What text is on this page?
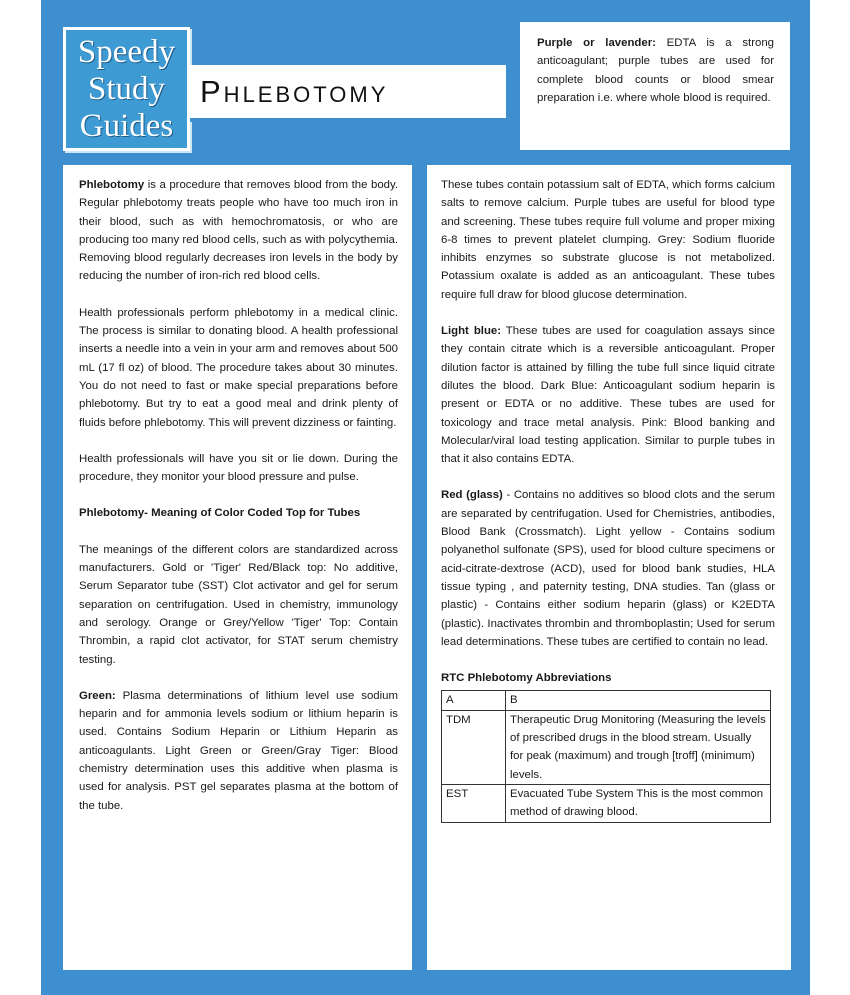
Speedy
Study
Guides
Phlebotomy

Purple or lavender: EDTA is a strong anticoagulant; purple tubes are used for complete blood counts or blood smear preparation i.e. where whole blood is required.

Phlebotomy is a procedure that removes blood from the body. Regular phlebotomy treats people who have too much iron in their blood, such as with hemochromatosis, or who are producing too many red blood cells, such as with polycythemia. Removing blood regularly decreases iron levels in the body by reducing the number of iron-rich red blood cells.

Health professionals perform phlebotomy in a medical clinic. The process is similar to donating blood. A health professional inserts a needle into a vein in your arm and removes about 500 mL (17 fl oz) of blood. The procedure takes about 30 minutes. You do not need to fast or make special preparations before phlebotomy. But try to eat a good meal and drink plenty of fluids before phlebotomy. This will prevent dizziness or fainting.

Health professionals will have you sit or lie down. During the procedure, they monitor your blood pressure and pulse.

Phlebotomy- Meaning of Color Coded Top for Tubes

The meanings of the different colors are standardized across manufacturers. Gold or 'Tiger' Red/Black top: No additive, Serum Separator tube (SST) Clot activator and gel for serum separation on centrifugation. Used in chemistry, immunology and serology. Orange or Grey/Yellow 'Tiger' Top: Contain Thrombin, a rapid clot activator, for STAT serum chemistry testing.

Green: Plasma determinations of lithium level use sodium heparin and for ammonia levels sodium or lithium heparin is used. Contains Sodium Heparin or Lithium Heparin as anticoagulants. Light Green or Green/Gray Tiger: Blood chemistry determination uses this additive when plasma is used for analysis. PST gel separates plasma at the bottom of the tube.

These tubes contain potassium salt of EDTA, which forms calcium salts to remove calcium. Purple tubes are useful for blood type and screening. These tubes require full volume and proper mixing 6-8 times to prevent platelet clumping. Grey: Sodium fluoride inhibits enzymes so substrate glucose is not metabolized. Potassium oxalate is added as an anticoagulant. These tubes require full draw for blood glucose determination.

Light blue: These tubes are used for coagulation assays since they contain citrate which is a reversible anticoagulant. Proper dilution factor is attained by filling the tube full since liquid citrate dilutes the blood. Dark Blue: Anticoagulant sodium heparin is present or EDTA or no additive. These tubes are used for toxicology and trace metal analysis. Pink: Blood banking and Molecular/viral load testing application. Similar to purple tubes in that it also contains EDTA.

Red (glass) - Contains no additives so blood clots and the serum are separated by centrifugation. Used for Chemistries, antibodies, Blood Bank (Crossmatch). Light yellow - Contains sodium polyanethol sulfonate (SPS), used for blood culture specimens or acid-citrate-dextrose (ACD), used for blood bank studies, HLA tissue typing , and paternity testing, DNA studies. Tan (glass or plastic) - Contains either sodium heparin (glass) or K2EDTA (plastic). Inactivates thrombin and thromboplastin; Used for serum lead determinations. These tubes are certified to contain no lead.

RTC Phlebotomy Abbreviations

A	B
TDM	Therapeutic Drug Monitoring (Measuring the levels of prescribed drugs in the blood stream. Usually for peak (maximum) and trough [troff] (minimum) levels.
EST	Evacuated Tube System This is the most common method of drawing blood.
